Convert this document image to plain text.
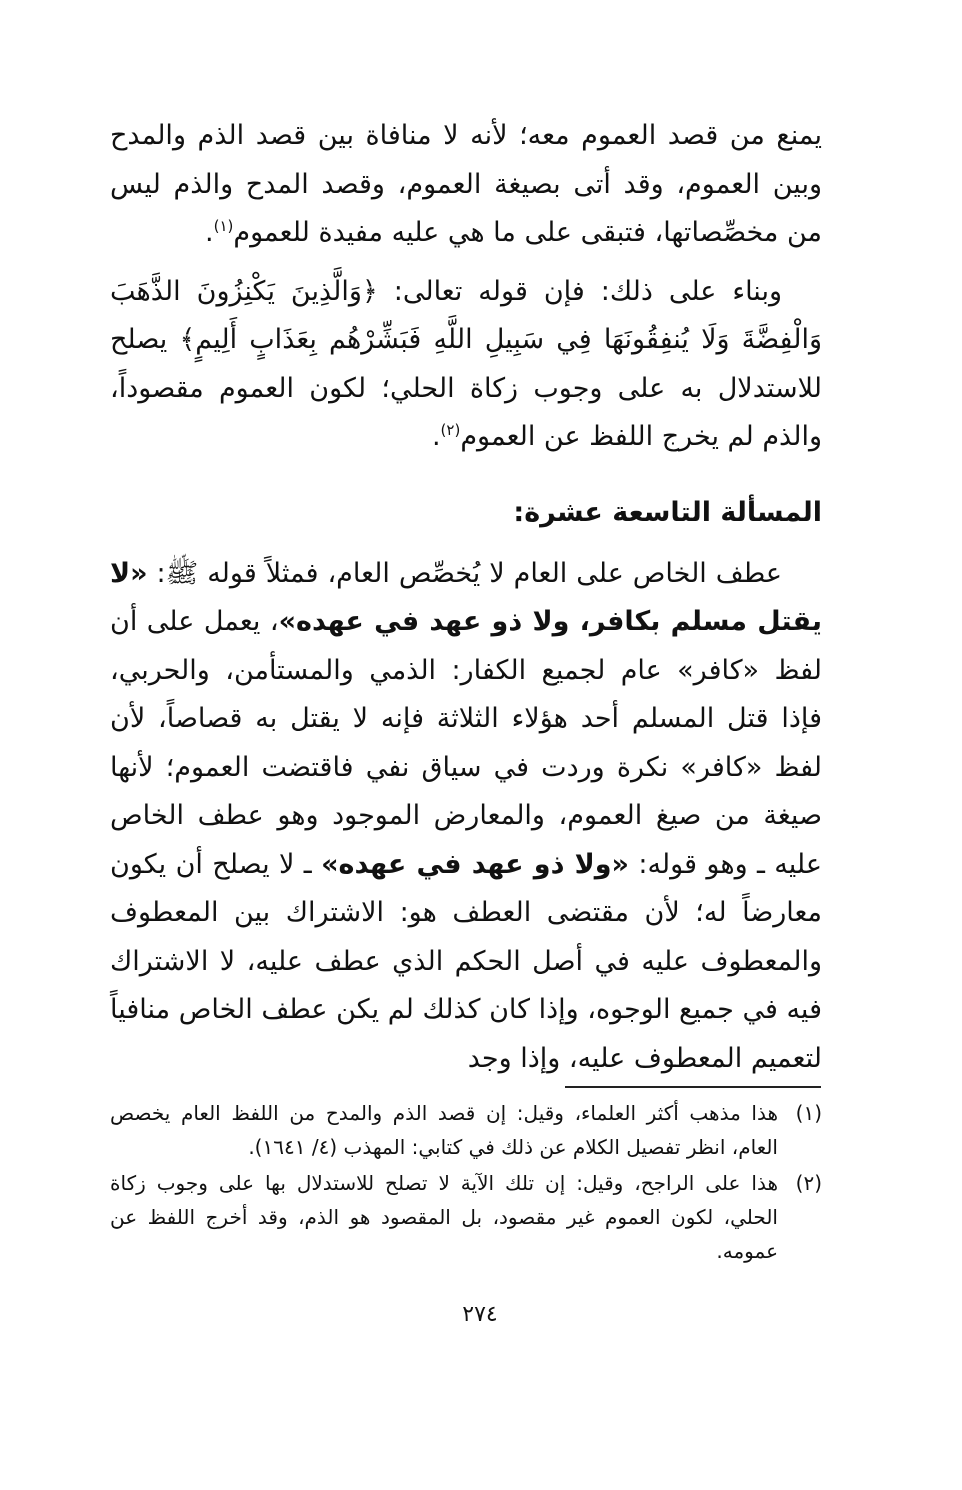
يمنع من قصد العموم معه؛ لأنه لا منافاة بين قصد الذم والمدح وبين العموم، وقد أتى بصيغة العموم، وقصد المدح والذم ليس من مخصِّصاتها، فتبقى على ما هي عليه مفيدة للعموم$^{(١)}$.

وبناء على ذلك: فإن قوله تعالى: ﴿وَالَّذِينَ يَكْنِزُونَ الذَّهَبَ وَالْفِضَّةَ وَلَا يُنفِقُونَهَا فِي سَبِيلِ اللَّهِ فَبَشِّرْهُم بِعَذَابٍ أَلِيمٍ﴾ يصلح للاستدلال به على وجوب زكاة الحلي؛ لكون العموم مقصوداً، والذم لم يخرج اللفظ عن العموم$^{(٢)}$.

المسألة التاسعة عشرة:

عطف الخاص على العام لا يُخصِّص العام، فمثلاً قوله ﷺ: «لا يقتل مسلم بكافر، ولا ذو عهد في عهده»، يعمل على أن لفظ «كافر» عام لجميع الكفار: الذمي والمستأمن، والحربي، فإذا قتل المسلم أحد هؤلاء الثلاثة فإنه لا يقتل به قصاصاً، لأن لفظ «كافر» نكرة وردت في سياق نفي فاقتضت العموم؛ لأنها صيغة من صيغ العموم، والمعارض الموجود وهو عطف الخاص عليه ـ وهو قوله: «ولا ذو عهد في عهده» ـ لا يصلح أن يكون معارضاً له؛ لأن مقتضى العطف هو: الاشتراك بين المعطوف والمعطوف عليه في أصل الحكم الذي عطف عليه، لا الاشتراك فيه في جميع الوجوه، وإذا كان كذلك لم يكن عطف الخاص منافياً لتعميم المعطوف عليه، وإذا وجد

(١)
هذا مذهب أكثر العلماء، وقيل: إن قصد الذم والمدح من اللفظ العام يخصص العام، انظر تفصيل الكلام عن ذلك في كتابي: المهذب (٤/ ١٦٤١).
(٢)
هذا على الراجح، وقيل: إن تلك الآية لا تصلح للاستدلال بها على وجوب زكاة الحلي، لكون العموم غير مقصود، بل المقصود هو الذم، وقد أخرج اللفظ عن عمومه.
٢٧٤
